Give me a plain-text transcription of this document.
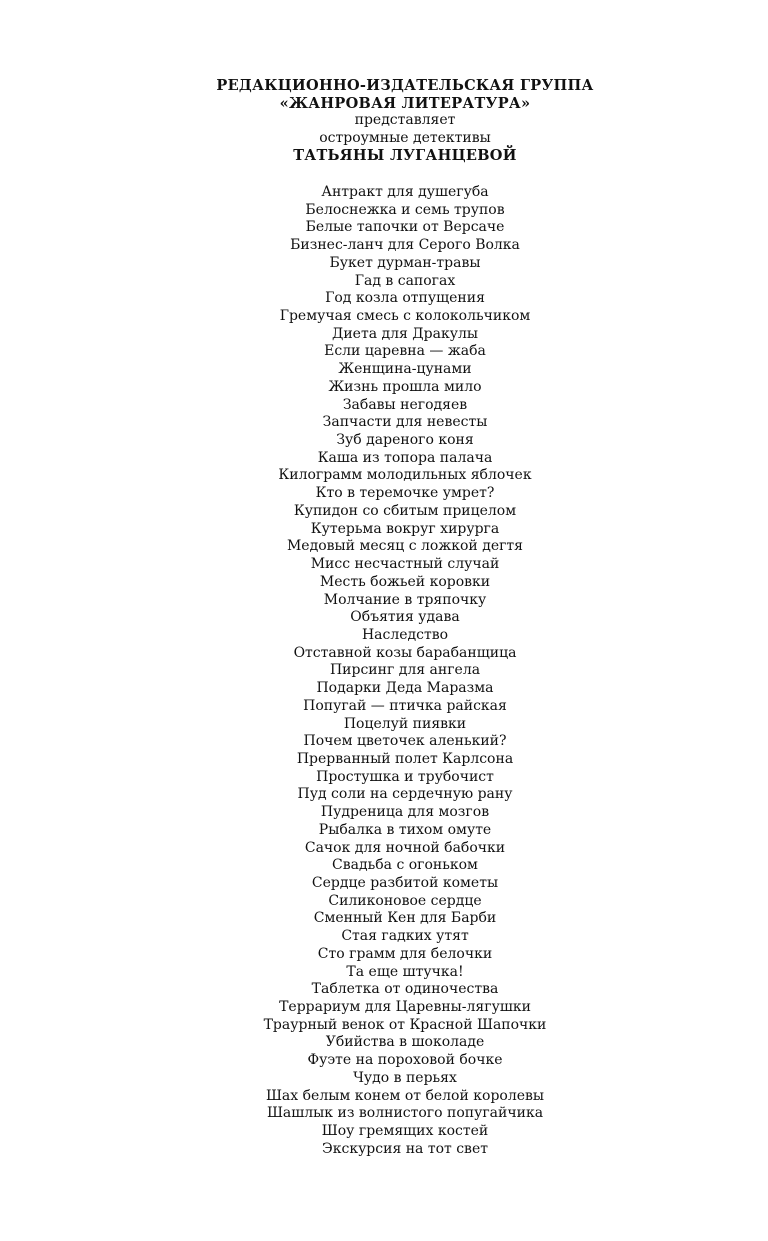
РЕДАКЦИОННО-ИЗДАТЕЛЬСКАЯ ГРУППА
«ЖАНРОВАЯ ЛИТЕРАТУРА»
представляет
остроумные детективы
ТАТЬЯНЫ ЛУГАНЦЕВОЙ
Антракт для душегуба
Белоснежка и семь трупов
Белые тапочки от Версаче
Бизнес-ланч для Серого Волка
Букет дурман-травы
Гад в сапогах
Год козла отпущения
Гремучая смесь с колокольчиком
Диета для Дракулы
Если царевна — жаба
Женщина-цунами
Жизнь прошла мило
Забавы негодяев
Запчасти для невесты
Зуб дареного коня
Каша из топора палача
Килограмм молодильных яблочек
Кто в теремочке умрет?
Купидон со сбитым прицелом
Кутерьма вокруг хирурга
Медовый месяц с ложкой дегтя
Мисс несчастный случай
Месть божьей коровки
Молчание в тряпочку
Объятия удава
Наследство
Отставной козы барабанщица
Пирсинг для ангела
Подарки Деда Маразма
Попугай — птичка райская
Поцелуй пиявки
Почем цветочек аленький?
Прерванный полет Карлсона
Простушка и трубочист
Пуд соли на сердечную рану
Пудреница для мозгов
Рыбалка в тихом омуте
Сачок для ночной бабочки
Свадьба с огоньком
Сердце разбитой кометы
Силиконовое сердце
Сменный Кен для Барби
Стая гадких утят
Сто грамм для белочки
Та еще штучка!
Таблетка от одиночества
Террариум для Царевны-лягушки
Траурный венок от Красной Шапочки
Убийства в шоколаде
Фуэте на пороховой бочке
Чудо в перьях
Шах белым конем от белой королевы
Шашлык из волнистого попугайчика
Шоу гремящих костей
Экскурсия на тот свет
